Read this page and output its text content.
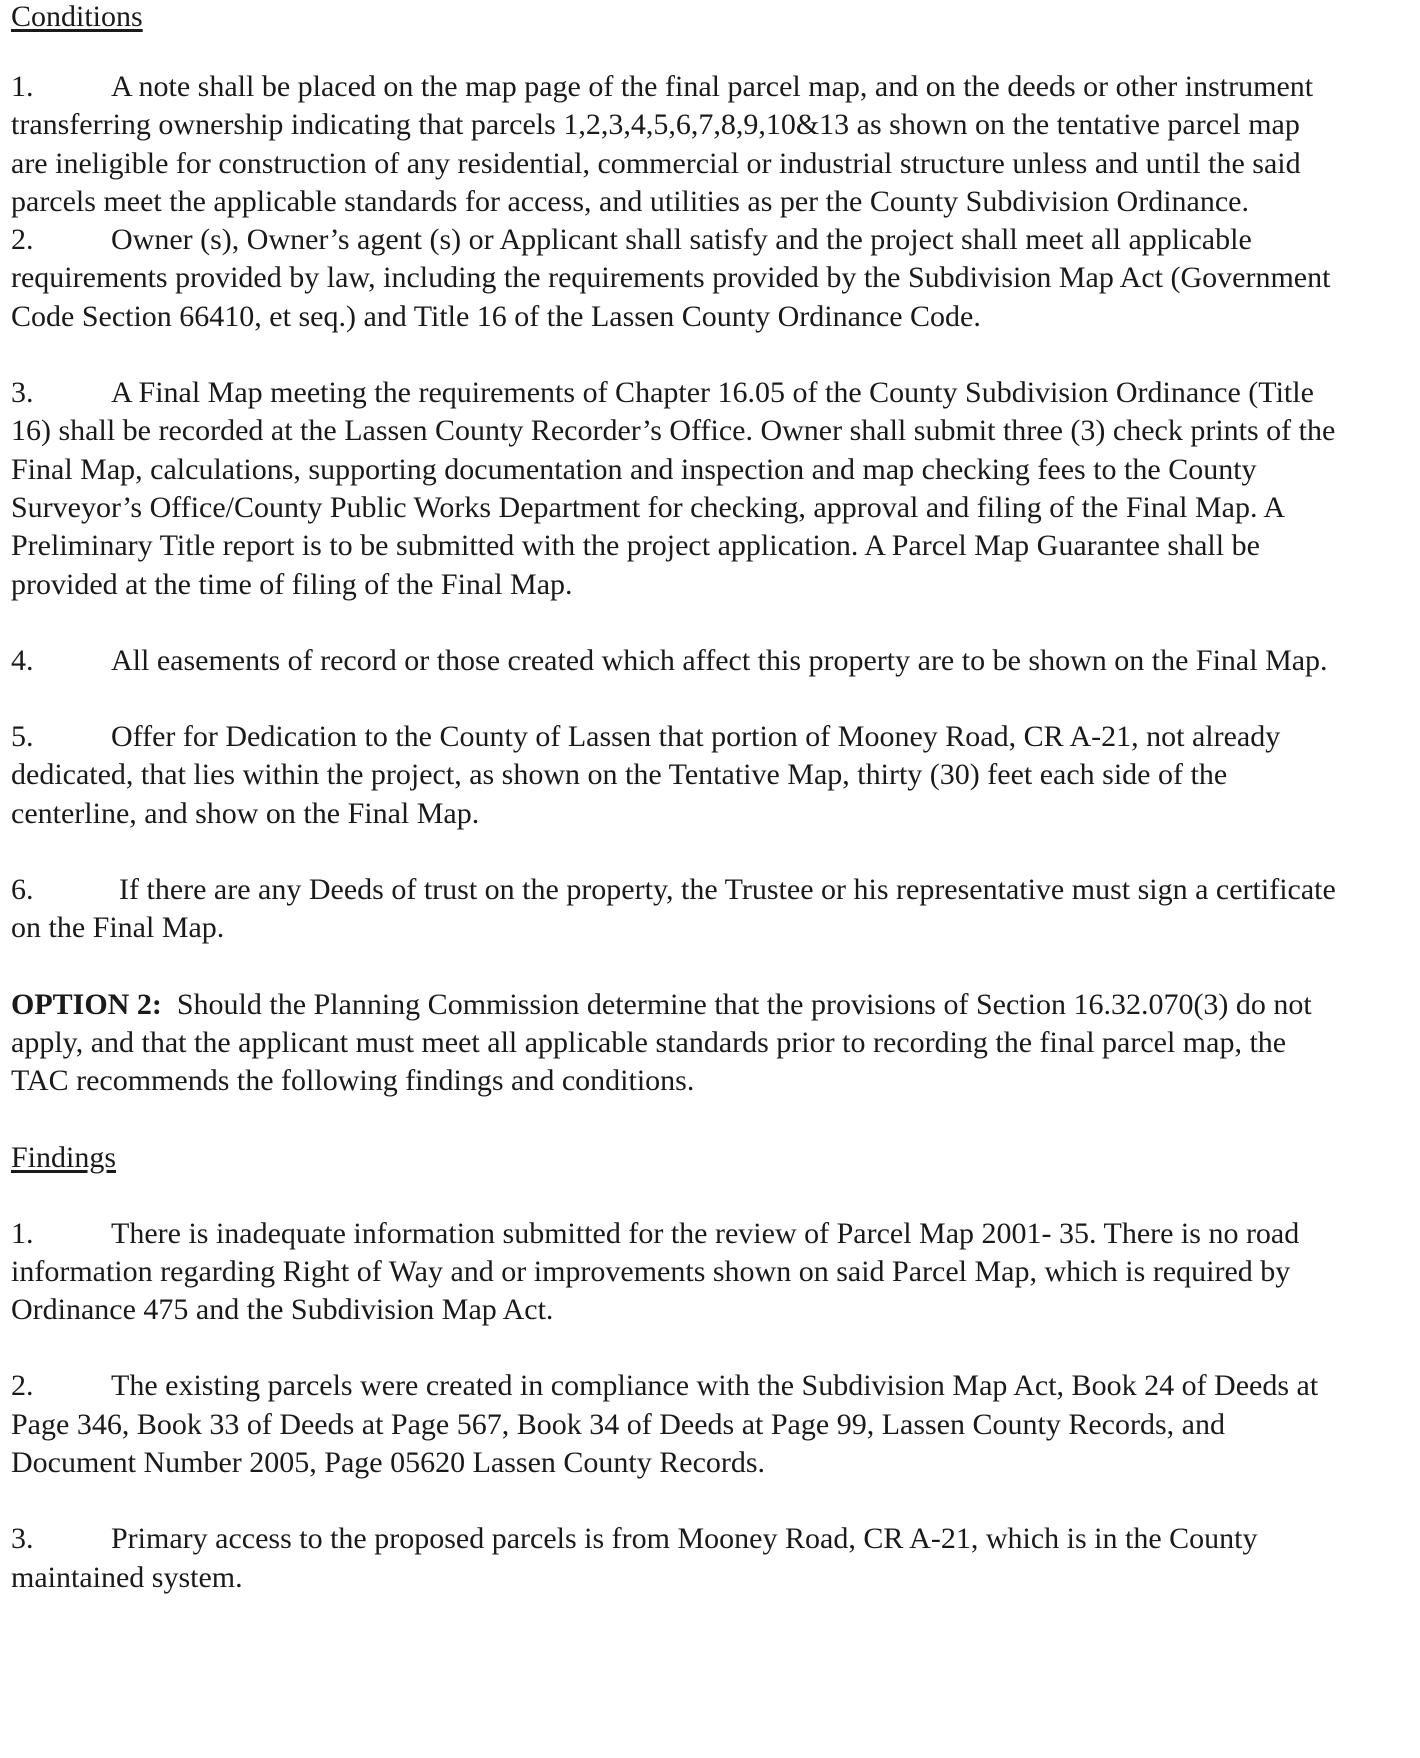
Conditions

1.	A note shall be placed on the map page of the final parcel map, and on the deeds or other instrument transferring ownership indicating that parcels 1,2,3,4,5,6,7,8,9,10&13 as shown on the tentative parcel map are ineligible for construction of any residential, commercial or industrial structure unless and until the said parcels meet the applicable standards for access, and utilities as per the County Subdivision Ordinance.

2.	Owner (s), Owner’s agent (s) or Applicant shall satisfy and the project shall meet all applicable requirements provided by law, including the requirements provided by the Subdivision Map Act (Government Code Section 66410, et seq.) and Title 16 of the Lassen County Ordinance Code.

3.	A Final Map meeting the requirements of Chapter 16.05 of the County Subdivision Ordinance (Title 16) shall be recorded at the Lassen County Recorder’s Office. Owner shall submit three (3) check prints of the Final Map, calculations, supporting documentation and inspection and map checking fees to the County Surveyor’s Office/County Public Works Department for checking, approval and filing of the Final Map. A Preliminary Title report is to be submitted with the project application. A Parcel Map Guarantee shall be provided at the time of filing of the Final Map.

4.	All easements of record or those created which affect this property are to be shown on the Final Map.

5.	Offer for Dedication to the County of Lassen that portion of Mooney Road, CR A-21, not already dedicated, that lies within the project, as shown on the Tentative Map, thirty (30) feet each side of the centerline, and show on the Final Map.

6.	If there are any Deeds of trust on the property, the Trustee or his representative must sign a certificate on the Final Map.

OPTION 2: Should the Planning Commission determine that the provisions of Section 16.32.070(3) do not apply, and that the applicant must meet all applicable standards prior to recording the final parcel map, the TAC recommends the following findings and conditions.

Findings

1.	There is inadequate information submitted for the review of Parcel Map 2001- 35. There is no road information regarding Right of Way and or improvements shown on said Parcel Map, which is required by Ordinance 475 and the Subdivision Map Act.

2.	The existing parcels were created in compliance with the Subdivision Map Act, Book 24 of Deeds at Page 346, Book 33 of Deeds at Page 567, Book 34 of Deeds at Page 99, Lassen County Records, and Document Number 2005, Page 05620 Lassen County Records.

3.	Primary access to the proposed parcels is from Mooney Road, CR A-21, which is in the County maintained system.
